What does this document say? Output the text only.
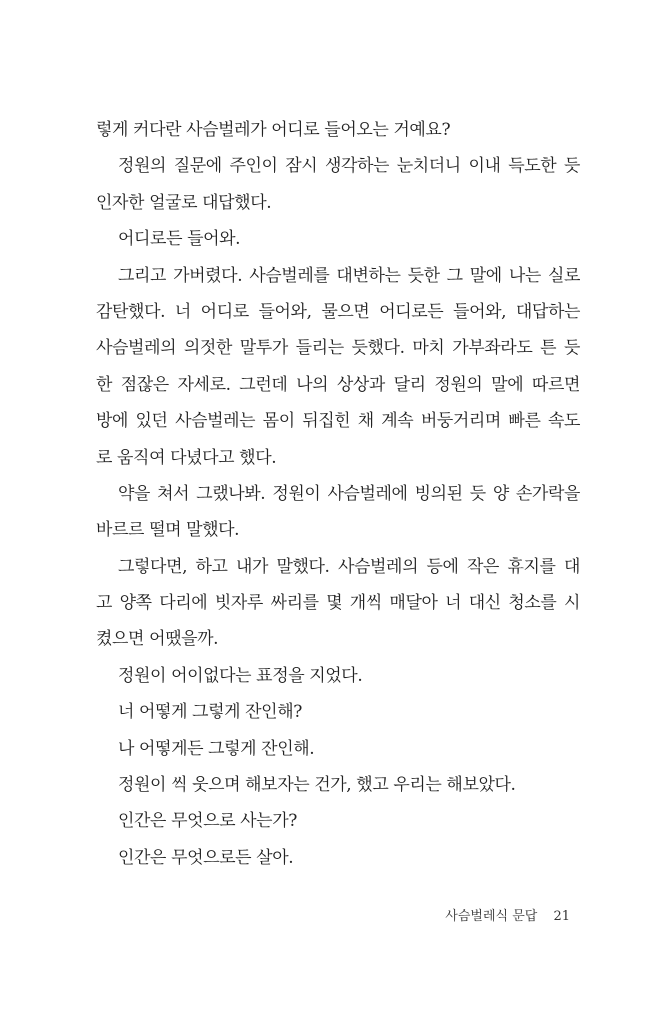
렇게 커다란 사슴벌레가 어디로 들어오는 거예요?
정원의 질문에 주인이 잠시 생각하는 눈치더니 이내 득도한 듯
인자한 얼굴로 대답했다.
어디로든 들어와.
그리고 가버렸다. 사슴벌레를 대변하는 듯한 그 말에 나는 실로
감탄했다. 너 어디로 들어와, 물으면 어디로든 들어와, 대답하는
사슴벌레의 의젓한 말투가 들리는 듯했다. 마치 가부좌라도 튼 듯
한 점잖은 자세로. 그런데 나의 상상과 달리 정원의 말에 따르면
방에 있던 사슴벌레는 몸이 뒤집힌 채 계속 버둥거리며 빠른 속도
로 움직여 다녔다고 했다.
약을 쳐서 그랬나봐. 정원이 사슴벌레에 빙의된 듯 양 손가락을
바르르 떨며 말했다.
그렇다면, 하고 내가 말했다. 사슴벌레의 등에 작은 휴지를 대
고 양쪽 다리에 빗자루 싸리를 몇 개씩 매달아 너 대신 청소를 시
켰으면 어땠을까.
정원이 어이없다는 표정을 지었다.
너 어떻게 그렇게 잔인해?
나 어떻게든 그렇게 잔인해.
정원이 씩 웃으며 해보자는 건가, 했고 우리는 해보았다.
인간은 무엇으로 사는가?
인간은 무엇으로든 살아.
사슴벌레식 문답 21
